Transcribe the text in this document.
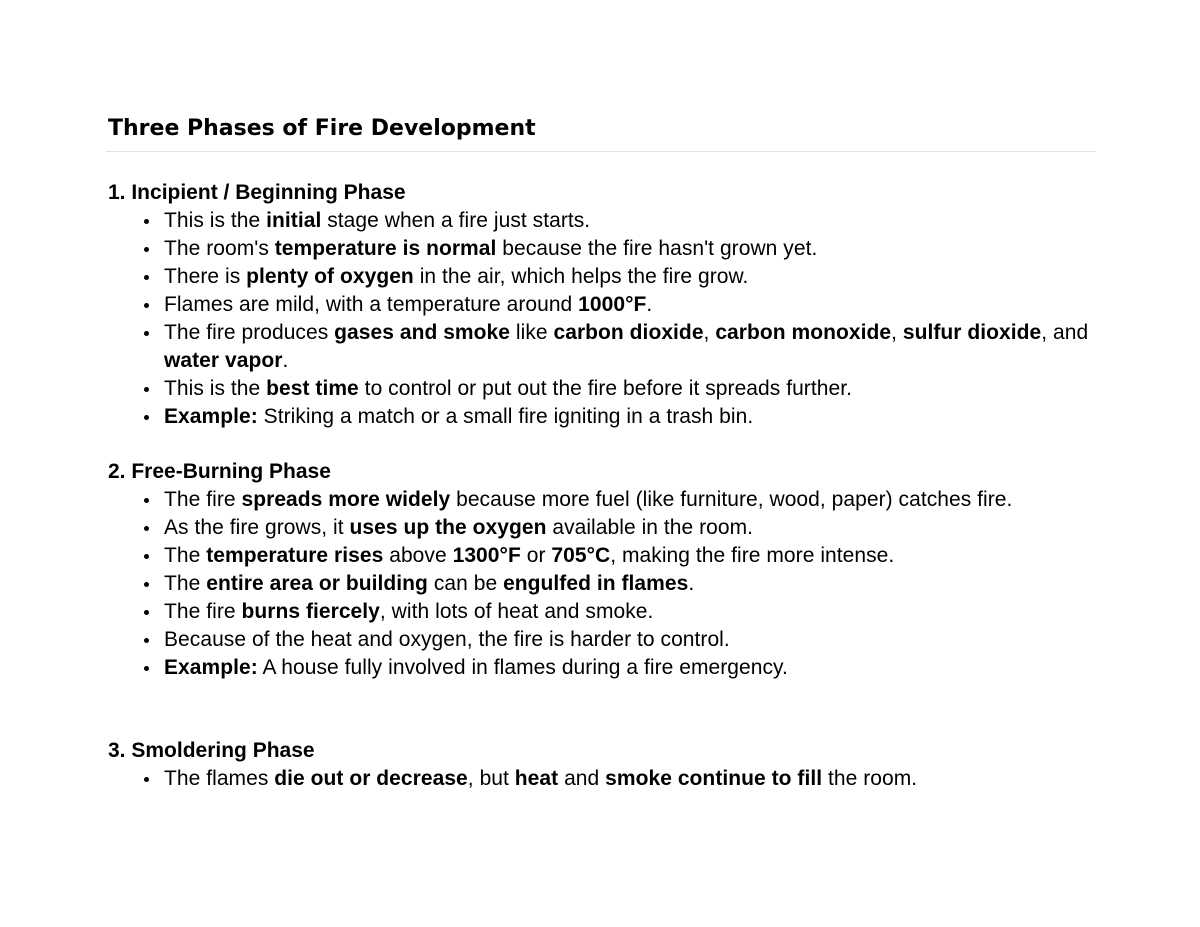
Three Phases of Fire Development
1. Incipient / Beginning Phase
This is the initial stage when a fire just starts.
The room's temperature is normal because the fire hasn't grown yet.
There is plenty of oxygen in the air, which helps the fire grow.
Flames are mild, with a temperature around 1000°F.
The fire produces gases and smoke like carbon dioxide, carbon monoxide, sulfur dioxide, and water vapor.
This is the best time to control or put out the fire before it spreads further.
Example: Striking a match or a small fire igniting in a trash bin.
2. Free-Burning Phase
The fire spreads more widely because more fuel (like furniture, wood, paper) catches fire.
As the fire grows, it uses up the oxygen available in the room.
The temperature rises above 1300°F or 705°C, making the fire more intense.
The entire area or building can be engulfed in flames.
The fire burns fiercely, with lots of heat and smoke.
Because of the heat and oxygen, the fire is harder to control.
Example: A house fully involved in flames during a fire emergency.
3. Smoldering Phase
The flames die out or decrease, but heat and smoke continue to fill the room.
